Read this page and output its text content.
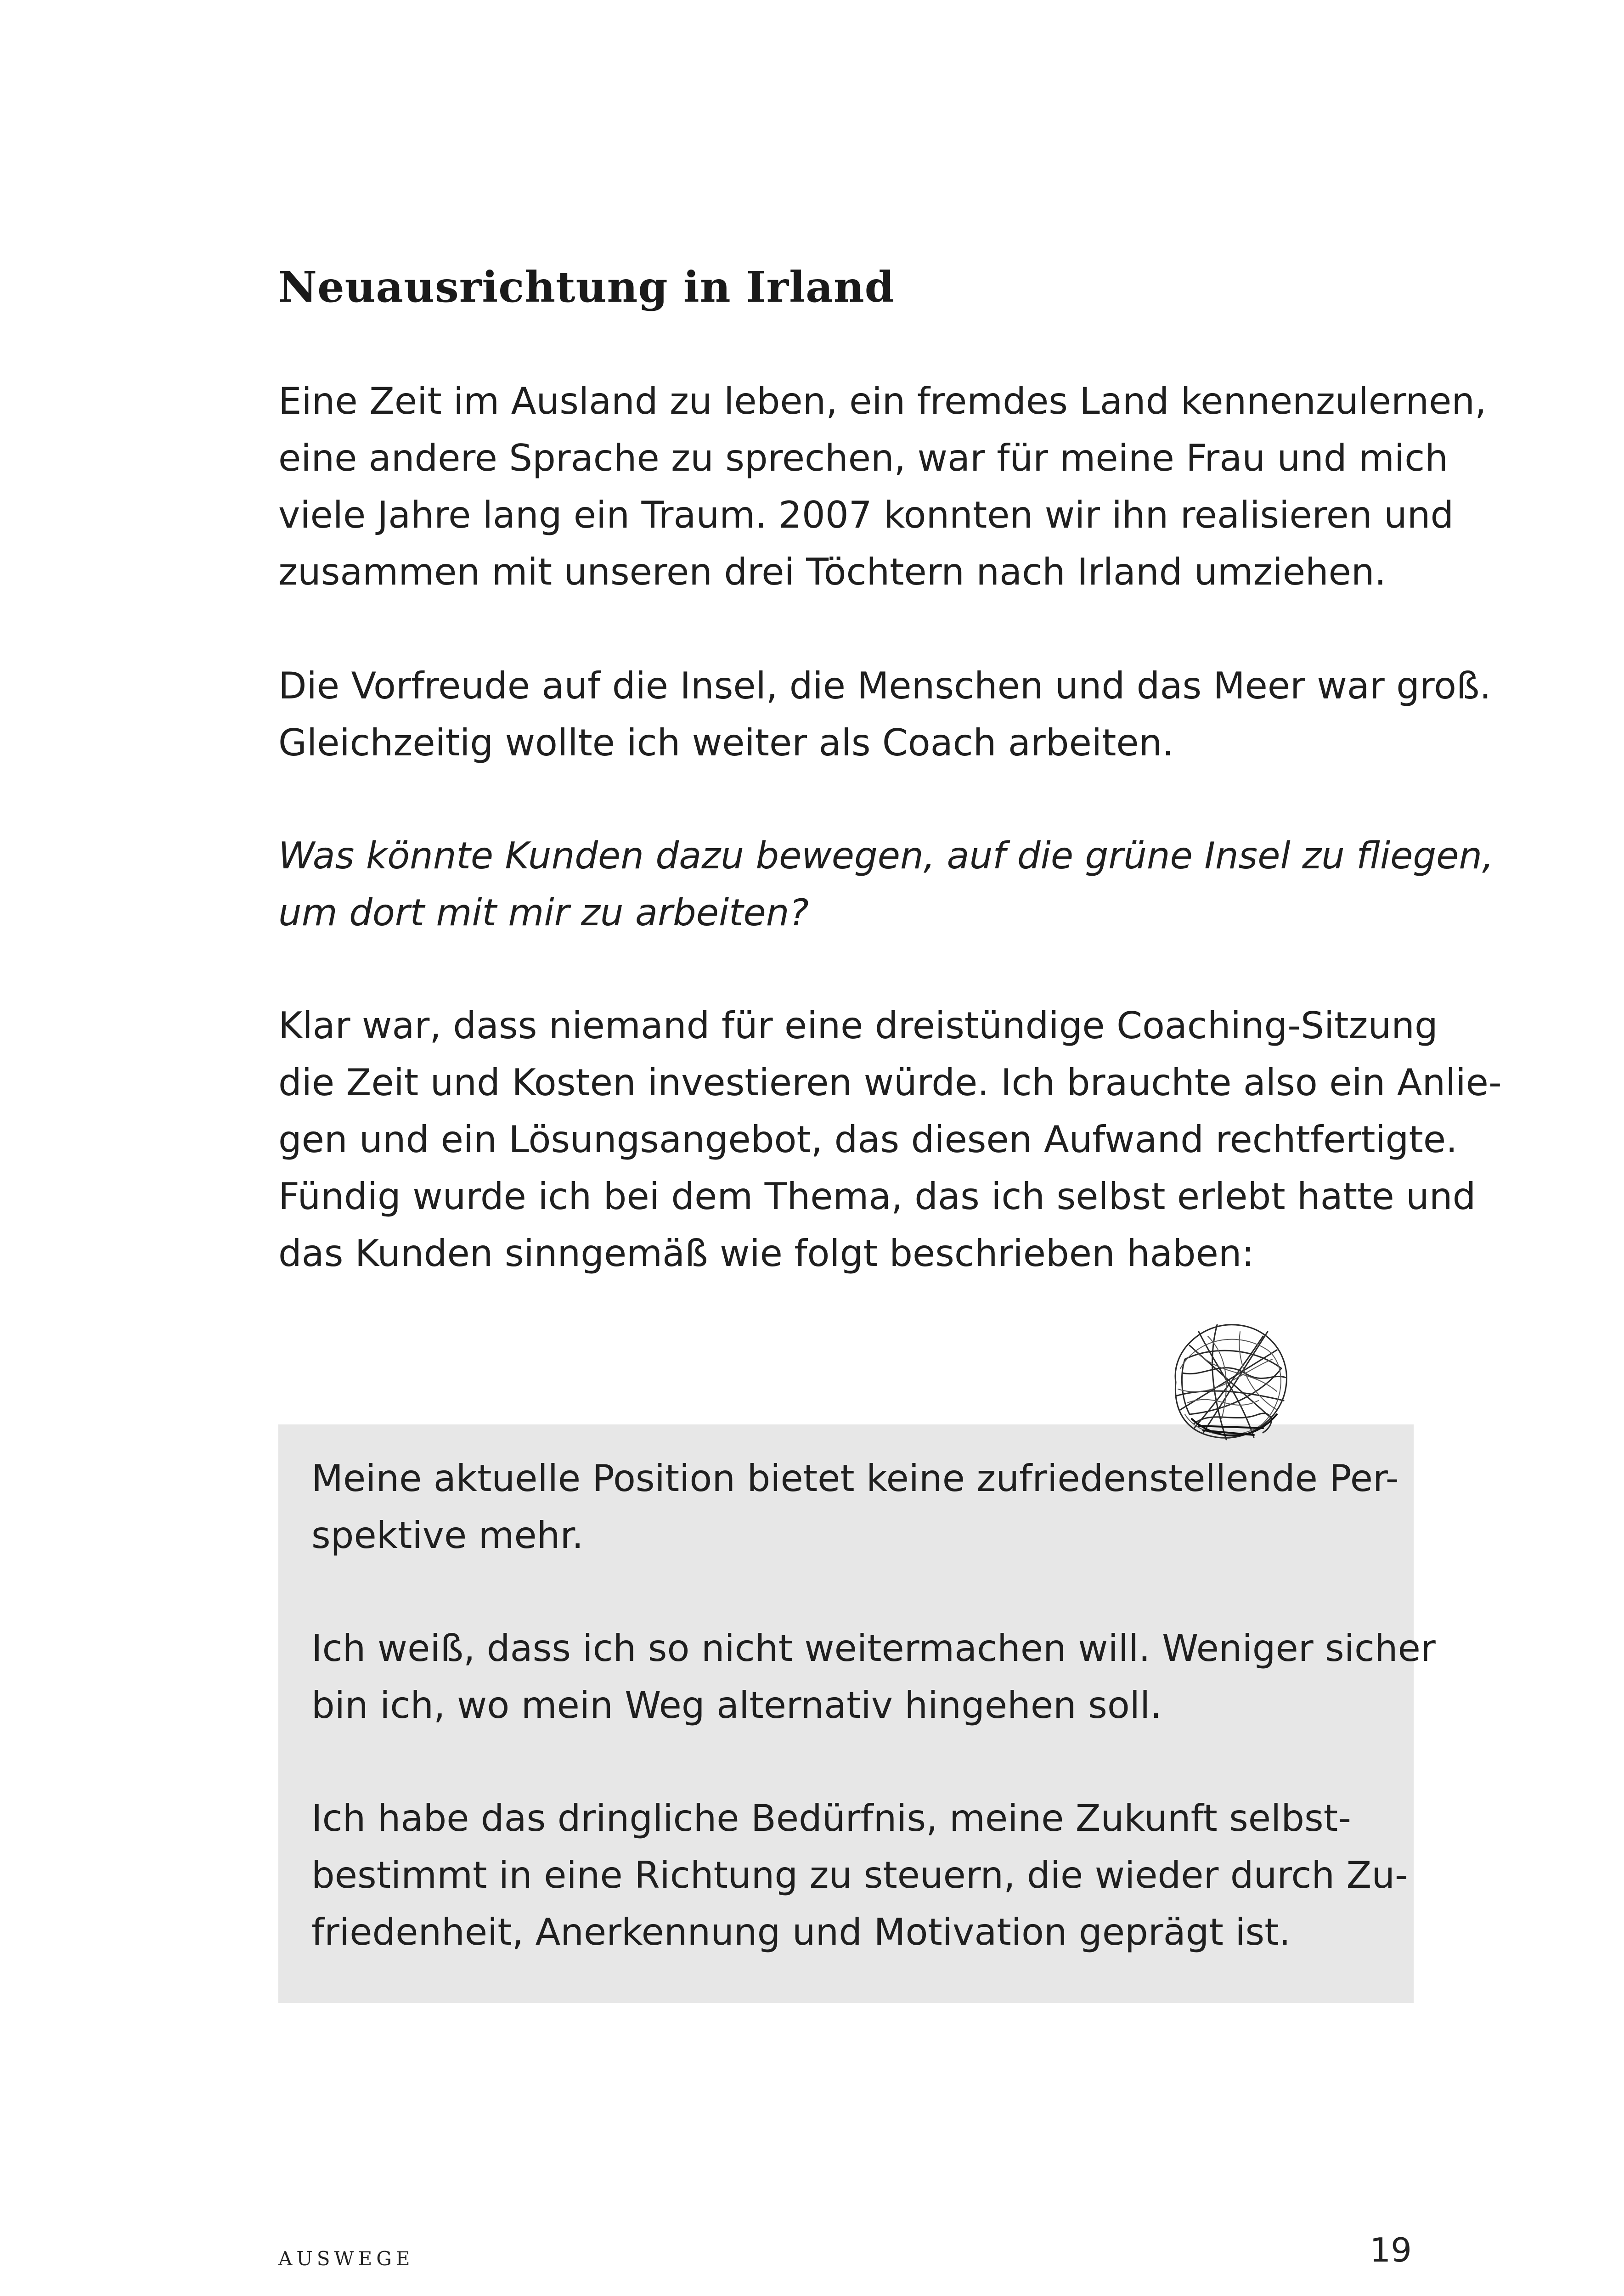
Neuausrichtung in Irland

Eine Zeit im Ausland zu leben, ein fremdes Land kennenzulernen,
eine andere Sprache zu sprechen, war für meine Frau und mich
viele Jahre lang ein Traum. 2007 konnten wir ihn realisieren und
zusammen mit unseren drei Töchtern nach Irland umziehen.

Die Vorfreude auf die Insel, die Menschen und das Meer war groß.
Gleichzeitig wollte ich weiter als Coach arbeiten.

Was könnte Kunden dazu bewegen, auf die grüne Insel zu fliegen,
um dort mit mir zu arbeiten?

Klar war, dass niemand für eine dreistündige Coaching-Sitzung
die Zeit und Kosten investieren würde. Ich brauchte also ein Anlie-
gen und ein Lösungsangebot, das diesen Aufwand rechtfertigte.
Fündig wurde ich bei dem Thema, das ich selbst erlebt hatte und
das Kunden sinngemäß wie folgt beschrieben haben:

Meine aktuelle Position bietet keine zufriedenstellende Per-
spektive mehr.

Ich weiß, dass ich so nicht weitermachen will. Weniger sicher
bin ich, wo mein Weg alternativ hingehen soll.

Ich habe das dringliche Bedürfnis, meine Zukunft selbst-
bestimmt in eine Richtung zu steuern, die wieder durch Zu-
friedenheit, Anerkennung und Motivation geprägt ist.

AUSWEGE	19
